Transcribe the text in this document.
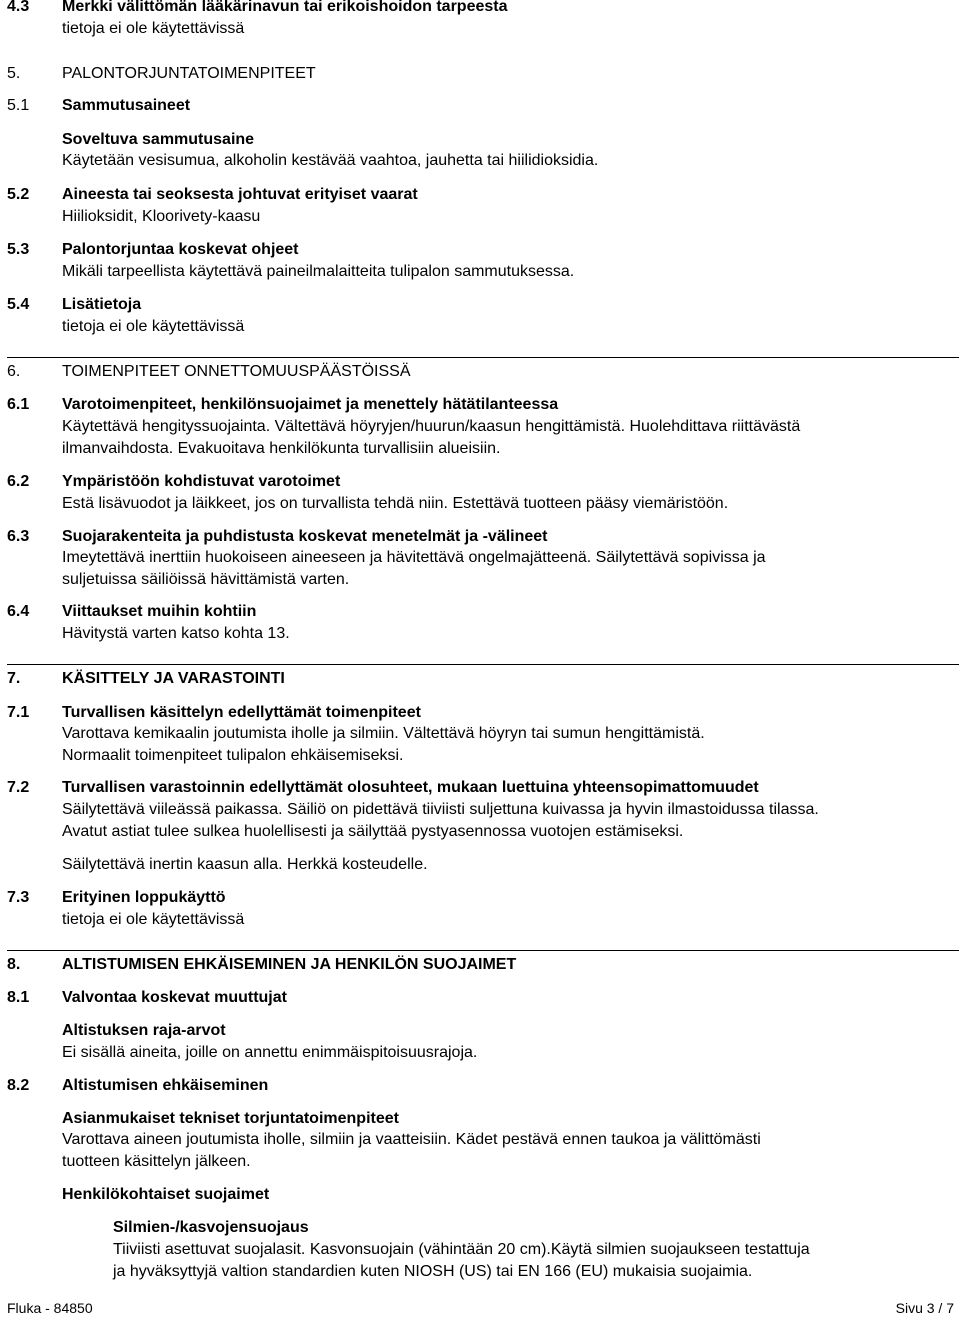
4.3 Merkki välittömän lääkärinavun tai erikoishoidon tarpeesta
tietoja ei ole käytettävissä
5.	PALONTORJUNTATOIMENPITEET
5.1 Sammutusaineet
Soveltuva sammutusaine
Käytetään vesisumua, alkoholin kestävää vaahtoa, jauhetta tai hiilidioksidia.
5.2 Aineesta tai seoksesta johtuvat erityiset vaarat
Hiilioksidit, Kloorivety-kaasu
5.3 Palontorjuntaa koskevat ohjeet
Mikäli tarpeellista käytettävä paineilmalaitteita tulipalon sammutuksessa.
5.4 Lisätietoja
tietoja ei ole käytettävissä
6.	TOIMENPITEET ONNETTOMUUSPÄÄSTÖISSÄ
6.1 Varotoimenpiteet, henkilönsuojaimet ja menettely hätätilanteessa
Käytettävä hengityssuojainta. Vältettävä höyryjen/huurun/kaasun hengittämistä. Huolehdittava riittävästä
ilmanvaihdosta. Evakuoitava henkilökunta turvallisiin alueisiin.
6.2 Ympäristöön kohdistuvat varotoimet
Estä lisävuodot ja läikkeet, jos on turvallista tehdä niin. Estettävä tuotteen pääsy viemäristöön.
6.3 Suojarakenteita ja puhdistusta koskevat menetelmät ja -välineet
Imeytettävä inerttiin huokoiseen aineeseen ja hävitettävä ongelmajätteenä. Säilytettävä sopivissa ja
suljetuissa säiliöissä hävittämistä varten.
6.4 Viittaukset muihin kohtiin
Hävitystä varten katso kohta 13.
7.	KÄSITTELY JA VARASTOINTI
7.1 Turvallisen käsittelyn edellyttämät toimenpiteet
Varottava kemikaalin joutumista iholle ja silmiin. Vältettävä höyryn tai sumun hengittämistä.
Normaalit toimenpiteet tulipalon ehkäisemiseksi.
7.2 Turvallisen varastoinnin edellyttämät olosuhteet, mukaan luettuina yhteensopimattomuudet
Säilytettävä viileässä paikassa. Säiliö on pidettävä tiiviisti suljettuna kuivassa ja hyvin ilmastoidussa tilassa.
Avatut astiat tulee sulkea huolellisesti ja säilyttää pystyasennossa vuotojen estämiseksi.
Säilytettävä inertin kaasun alla. Herkkä kosteudelle.
7.3 Erityinen loppukäyttö
tietoja ei ole käytettävissä
8.	ALTISTUMISEN EHKÄISEMINEN JA HENKILÖN SUOJAIMET
8.1 Valvontaa koskevat muuttujat
Altistuksen raja-arvot
Ei sisällä aineita, joille on annettu enimmäispitoisuusrajoja.
8.2 Altistumisen ehkäiseminen
Asianmukaiset tekniset torjuntatoimenpiteet
Varottava aineen joutumista iholle, silmiin ja vaatteisiin. Kädet pestävä ennen taukoa ja välittömästi
tuotteen käsittelyn jälkeen.
Henkilökohtaiset suojaimet
Silmien-/kasvojensuojaus
Tiiviisti asettuvat suojalasit. Kasvonsuojain (vähintään 20 cm).Käytä silmien suojaukseen testattuja
ja hyväksyttyjä valtion standardien kuten NIOSH (US) tai EN 166 (EU) mukaisia suojaimia.
Fluka - 84850	Sivu 3 / 7
